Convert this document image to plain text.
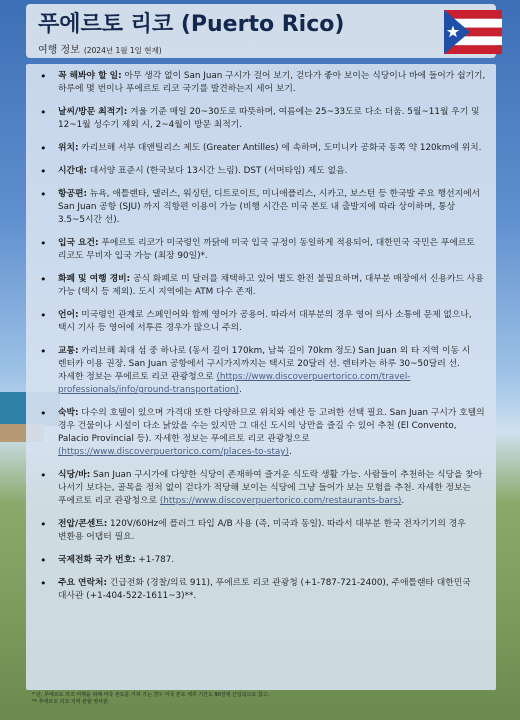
푸에르토 리코 (Puerto Rico)
여행 정보 (2024년 1월 1일 현재)
• 꼭 해봐야 할 일: 아무 생각 없이 San Juan 구시가 걸어 보기, 걷다가 좋아 보이는 식당이나 바에 들어가 쉴기기, 하루에 몇 번이나 푸에르토 리코 국기를 발견하는지 세어 보기.
• 날씨/방문 최적기: 겨울 기준 매일 20~30도로 따뜻하며, 여름에는 25~33도로 다소 더움. 5월~11월 우기 및 12~1월 성수기 제외 시, 2~4월이 방문 최적기.
• 위치: 카리브해 서부 대앤틸리스 제도 (Greater Antilles) 에 속하며, 도미니카 공화국 동쪽 약 120km에 위치.
• 시간대: 대서양 표준시 (한국보다 13시간 느림). DST (서머타임) 제도 없음.
• 항공편: 뉴욕, 애틀랜타, 댈러스, 워싱턴, 디트로이트, 미니애폴리스, 시카고, 보스턴 등 한국발 주요 행선지에서 San Juan 공항 (SJU) 까지 직항편 이용이 가능 (비행 시간은 미국 본토 내 출발지에 따라 상이하며, 통상 3.5~5시간 선).
• 입국 요건: 푸에르토 리코가 미국령인 까닭에 미국 입국 규정이 동일하게 적용되어, 대한민국 국민은 푸에르토 리코도 무비자 입국 가능 (최장 90일)*.
• 화폐 및 여행 경비: 공식 화폐로 미 달러를 채택하고 있어 별도 환전 불필요하며, 대부분 매장에서 신용카드 사용 가능 (택시 등 제외). 도시 지역에는 ATM 다수 존재.
• 언어: 미국령인 관계로 스페인어와 함께 영어가 공용어. 따라서 대부분의 경우 영어 의사 소통에 문제 없으나, 택시 기사 등 영어에 서투른 경우가 많으니 주의.
• 교통: 카리브해 최대 섬 중 하나로 (동서 길이 170km, 남북 길이 70km 정도) San Juan 외 타 지역 이동 시 렌터카 이용 권장. San Juan 공항에서 구시가지까지는 택시로 20달러 선. 렌터카는 하루 30~50달러 선. 자세한 정보는 푸에르토 리코 관광청으로 (https://www.discoverpuertorico.com/travel-professionals/info/ground-transportation).
• 숙박: 다수의 호텔이 있으며 가격대 또한 다양하므로 위치와 예산 등 고려한 선택 필요. San Juan 구시가 호텔의 경우 건물이나 시설이 다소 낡았을 수는 있지만 그 대신 도시의 낭만을 즐길 수 있어 추천 (El Convento, Palacio Provincial 등). 자세한 정보는 푸에르토 리코 관광청으로 (https://www.discoverpuertorico.com/places-to-stay).
• 식당/바: San Juan 구시가에 다양한 식당이 존재하여 즐거운 식도락 생활 가능. 사람들이 추천하는 식당을 찾아 나서기 보다는, 골목을 정처 없이 걷다가 적당해 보이는 식당에 그냥 들어가 보는 모험을 추천. 자세한 정보는 푸에르토 리코 관광청으로 (https://www.discoverpuertorico.com/restaurants-bars).
• 전압/콘센트: 120V/60Hz에 플러그 타입 A/B 사용 (즉, 미국과 동일). 따라서 대부분 한국 전자기기의 경우 변환용 어댑터 필요.
• 국제전화 국가 번호: +1-787.
• 주요 연락처: 긴급전화 (경찰/의료 911), 푸에르토 리코 관광청 (+1-787-721-2400), 주애틀랜타 대한민국 대사관 (+1-404-522-1611~3)**.
* 단, 푸에르토 리코 여행을 위해 미국 본토를 거쳐 가는 경우 미국 본토 체류 기간도 90일에 산입되므로 참고.
** 푸에르토 리코 지역 관할 영사관.
